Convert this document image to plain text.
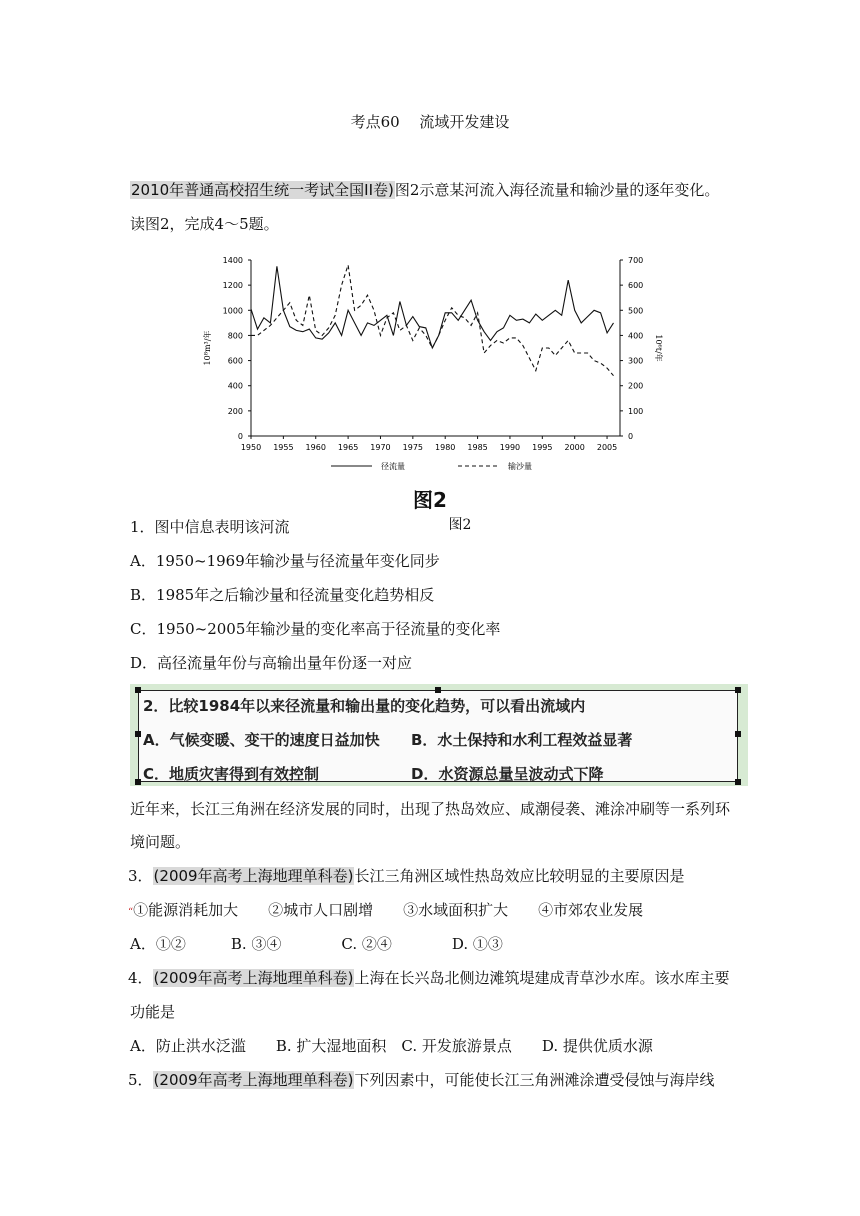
考点60　 流域开发建设
2010年普通高校招生统一考试全国II卷)图2示意某河流入海径流量和输沙量的逐年变化。
读图2，完成4～5题。
0
200
400
600
800
1000
1200
1400
0
100
200
300
400
500
600
700
1950 1955 1960 1965 1970 1975 1980 1985 1990 1995 2000 2005
10⁸m³/年	10⁶t/年
径流量	输沙量
图2
图2
1．图中信息表明该河流
A．1950~1969年输沙量与径流量年变化同步
B．1985年之后输沙量和径流量变化趋势相反
C．1950~2005年输沙量的变化率高于径流量的变化率
D．高径流量年份与高输出量年份逐一对应
2．比较1984年以来径流量和输出量的变化趋势，可以看出流域内
A．气候变暖、变干的速度日益加快 B．水土保持和水利工程效益显著
C．地质灾害得到有效控制	D．水资源总量呈波动式下降
近年来，长江三角洲在经济发展的同时，出现了热岛效应、咸潮侵袭、滩涂冲刷等一系列环
境问题。
3．(2009年高考上海地理单科卷)长江三角洲区域性热岛效应比较明显的主要原因是
“①能源消耗加大　　②城市人口剧增　　③水域面积扩大　　④市郊农业发展
A．①②　　　B. ③④　　　　C. ②④　　　　D. ①③
4．(2009年高考上海地理单科卷)上海在长兴岛北侧边滩筑堤建成青草沙水库。该水库主要
功能是
A．防止洪水泛滥　　B. 扩大湿地面积　C. 开发旅游景点　　D. 提供优质水源
5．(2009年高考上海地理单科卷)下列因素中，可能使长江三角洲滩涂遭受侵蚀与海岸线
